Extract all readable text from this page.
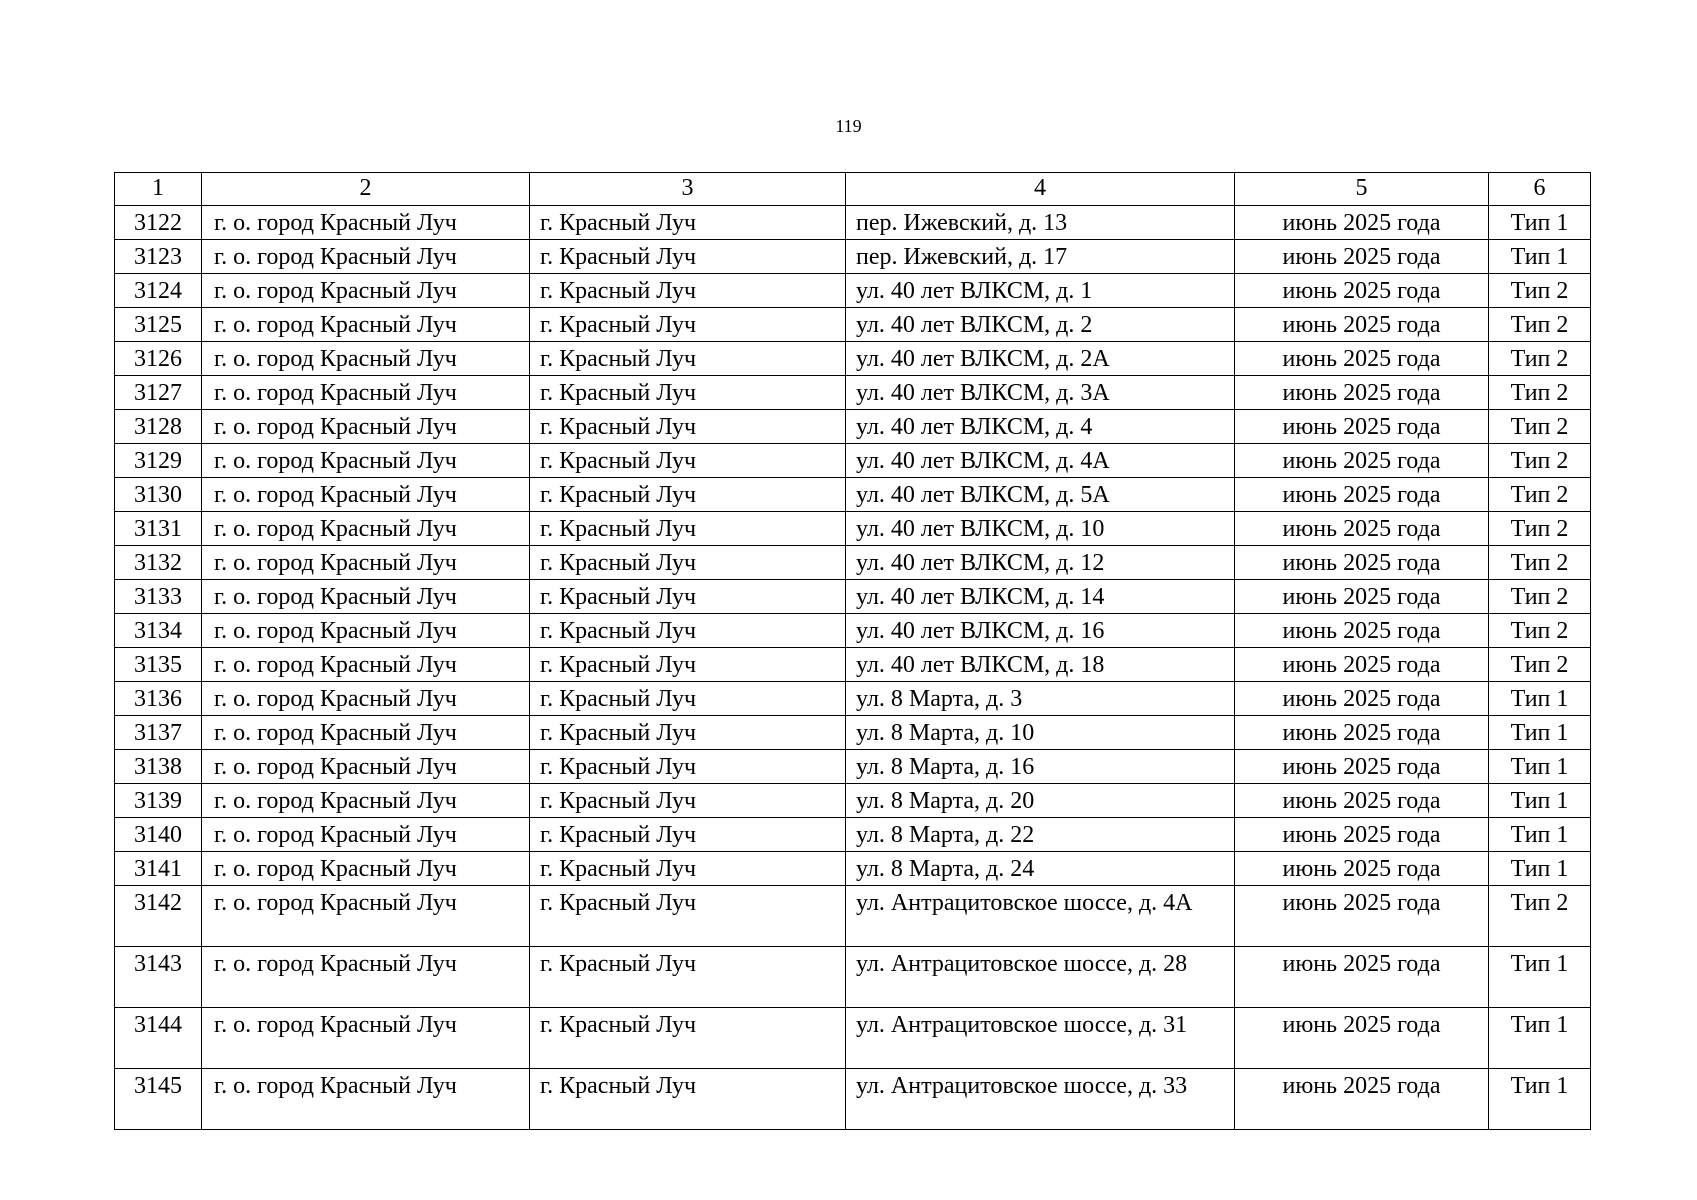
119
1	2	3	4	5	6

3122	г. о. город Красный Луч	г. Красный Луч	пер. Ижевский, д. 13	июнь 2025 года	Тип 1

3123	г. о. город Красный Луч	г. Красный Луч	пер. Ижевский, д. 17	июнь 2025 года	Тип 1

3124	г. о. город Красный Луч	г. Красный Луч	ул. 40 лет ВЛКСМ, д. 1	июнь 2025 года	Тип 2

3125	г. о. город Красный Луч	г. Красный Луч	ул. 40 лет ВЛКСМ, д. 2	июнь 2025 года	Тип 2

3126	г. о. город Красный Луч	г. Красный Луч	ул. 40 лет ВЛКСМ, д. 2А	июнь 2025 года	Тип 2

3127	г. о. город Красный Луч	г. Красный Луч	ул. 40 лет ВЛКСМ, д. 3А	июнь 2025 года	Тип 2

3128	г. о. город Красный Луч	г. Красный Луч	ул. 40 лет ВЛКСМ, д. 4	июнь 2025 года	Тип 2

3129	г. о. город Красный Луч	г. Красный Луч	ул. 40 лет ВЛКСМ, д. 4А	июнь 2025 года	Тип 2

3130	г. о. город Красный Луч	г. Красный Луч	ул. 40 лет ВЛКСМ, д. 5А	июнь 2025 года	Тип 2

3131	г. о. город Красный Луч	г. Красный Луч	ул. 40 лет ВЛКСМ, д. 10	июнь 2025 года	Тип 2

3132	г. о. город Красный Луч	г. Красный Луч	ул. 40 лет ВЛКСМ, д. 12	июнь 2025 года	Тип 2

3133	г. о. город Красный Луч	г. Красный Луч	ул. 40 лет ВЛКСМ, д. 14	июнь 2025 года	Тип 2

3134	г. о. город Красный Луч	г. Красный Луч	ул. 40 лет ВЛКСМ, д. 16	июнь 2025 года	Тип 2

3135	г. о. город Красный Луч	г. Красный Луч	ул. 40 лет ВЛКСМ, д. 18	июнь 2025 года	Тип 2

3136	г. о. город Красный Луч	г. Красный Луч	ул. 8 Марта, д. 3	июнь 2025 года	Тип 1

3137	г. о. город Красный Луч	г. Красный Луч	ул. 8 Марта, д. 10	июнь 2025 года	Тип 1

3138	г. о. город Красный Луч	г. Красный Луч	ул. 8 Марта, д. 16	июнь 2025 года	Тип 1

3139	г. о. город Красный Луч	г. Красный Луч	ул. 8 Марта, д. 20	июнь 2025 года	Тип 1

3140	г. о. город Красный Луч	г. Красный Луч	ул. 8 Марта, д. 22	июнь 2025 года	Тип 1

3141	г. о. город Красный Луч	г. Красный Луч	ул. 8 Марта, д. 24	июнь 2025 года	Тип 1

3142	г. о. город Красный Луч	г. Красный Луч	ул. Антрацитовское шоссе, д. 4А	июнь 2025 года	Тип 2

3143	г. о. город Красный Луч	г. Красный Луч	ул. Антрацитовское шоссе, д. 28	июнь 2025 года	Тип 1

3144	г. о. город Красный Луч	г. Красный Луч	ул. Антрацитовское шоссе, д. 31	июнь 2025 года	Тип 1

3145	г. о. город Красный Луч	г. Красный Луч	ул. Антрацитовское шоссе, д. 33	июнь 2025 года	Тип 1
